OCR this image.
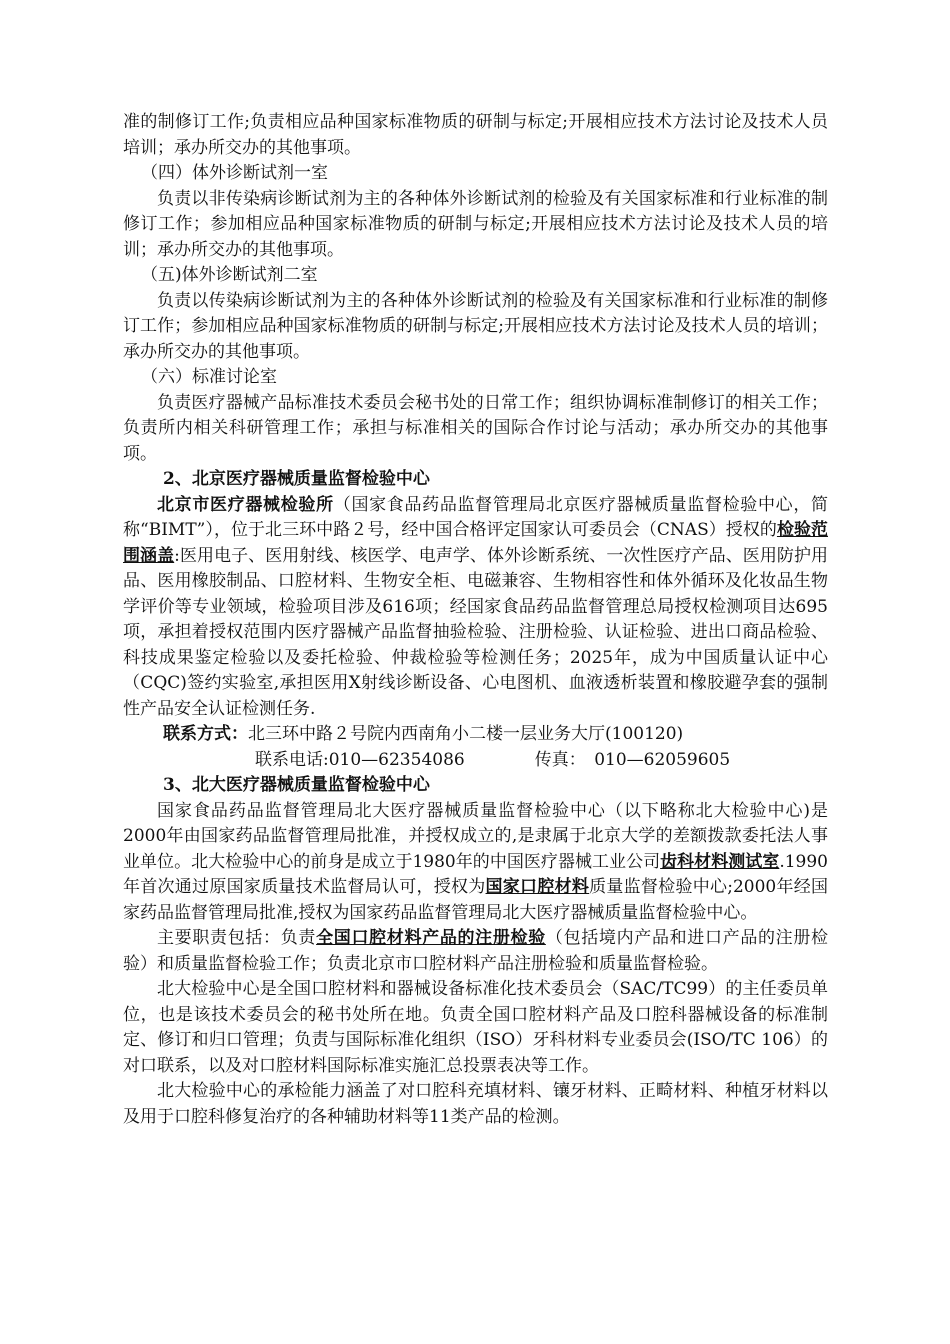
准的制修订工作;负责相应品种国家标准物质的研制与标定;开展相应技术方法讨论及技术人员培训；承办所交办的其他事项。

（四）体外诊断试剂一室

负责以非传染病诊断试剂为主的各种体外诊断试剂的检验及有关国家标准和行业标准的制修订工作；参加相应品种国家标准物质的研制与标定;开展相应技术方法讨论及技术人员的培训；承办所交办的其他事项。

（五)体外诊断试剂二室

负责以传染病诊断试剂为主的各种体外诊断试剂的检验及有关国家标准和行业标准的制修订工作；参加相应品种国家标准物质的研制与标定;开展相应技术方法讨论及技术人员的培训；承办所交办的其他事项。

（六）标准讨论室

负责医疗器械产品标准技术委员会秘书处的日常工作；组织协调标准制修订的相关工作；负责所内相关科研管理工作；承担与标准相关的国际合作讨论与活动；承办所交办的其他事项。

2、北京医疗器械质量监督检验中心

北京市医疗器械检验所（国家食品药品监督管理局北京医疗器械质量监督检验中心，简称“BIMT”），位于北三环中路２号，经中国合格评定国家认可委员会（CNAS）授权的检验范围涵盖:医用电子、医用射线、核医学、电声学、体外诊断系统、一次性医疗产品、医用防护用品、医用橡胶制品、口腔材料、生物安全柜、电磁兼容、生物相容性和体外循环及化妆品生物学评价等专业领域，检验项目涉及616项；经国家食品药品监督管理总局授权检测项目达695项，承担着授权范围内医疗器械产品监督抽验检验、注册检验、认证检验、进出口商品检验、科技成果鉴定检验以及委托检验、仲裁检验等检测任务；2025年，成为中国质量认证中心（CQC)签约实验室,承担医用X射线诊断设备、心电图机、血液透析装置和橡胶避孕套的强制性产品安全认证检测任务.

联系方式：北三环中路２号院内西南角小二楼一层业务大厅(100120)

联系电话:010—62354086	传真：　010—62059605

3、北大医疗器械质量监督检验中心

国家食品药品监督管理局北大医疗器械质量监督检验中心（以下略称北大检验中心)是2000年由国家药品监督管理局批准，并授权成立的,是隶属于北京大学的差额拨款委托法人事业单位。北大检验中心的前身是成立于1980年的中国医疗器械工业公司齿科材料测试室.1990年首次通过原国家质量技术监督局认可，授权为国家口腔材料质量监督检验中心;2000年经国家药品监督管理局批准,授权为国家药品监督管理局北大医疗器械质量监督检验中心。

主要职责包括：负责全国口腔材料产品的注册检验（包括境内产品和进口产品的注册检验）和质量监督检验工作；负责北京市口腔材料产品注册检验和质量监督检验。

北大检验中心是全国口腔材料和器械设备标准化技术委员会（SAC/TC99）的主任委员单位，也是该技术委员会的秘书处所在地。负责全国口腔材料产品及口腔科器械设备的标准制定、修订和归口管理；负责与国际标准化组织（ISO）牙科材料专业委员会(ISO/TC 106）的对口联系，以及对口腔材料国际标准实施汇总投票表决等工作。

北大检验中心的承检能力涵盖了对口腔科充填材料、镶牙材料、正畸材料、种植牙材料以及用于口腔科修复治疗的各种辅助材料等11类产品的检测。
